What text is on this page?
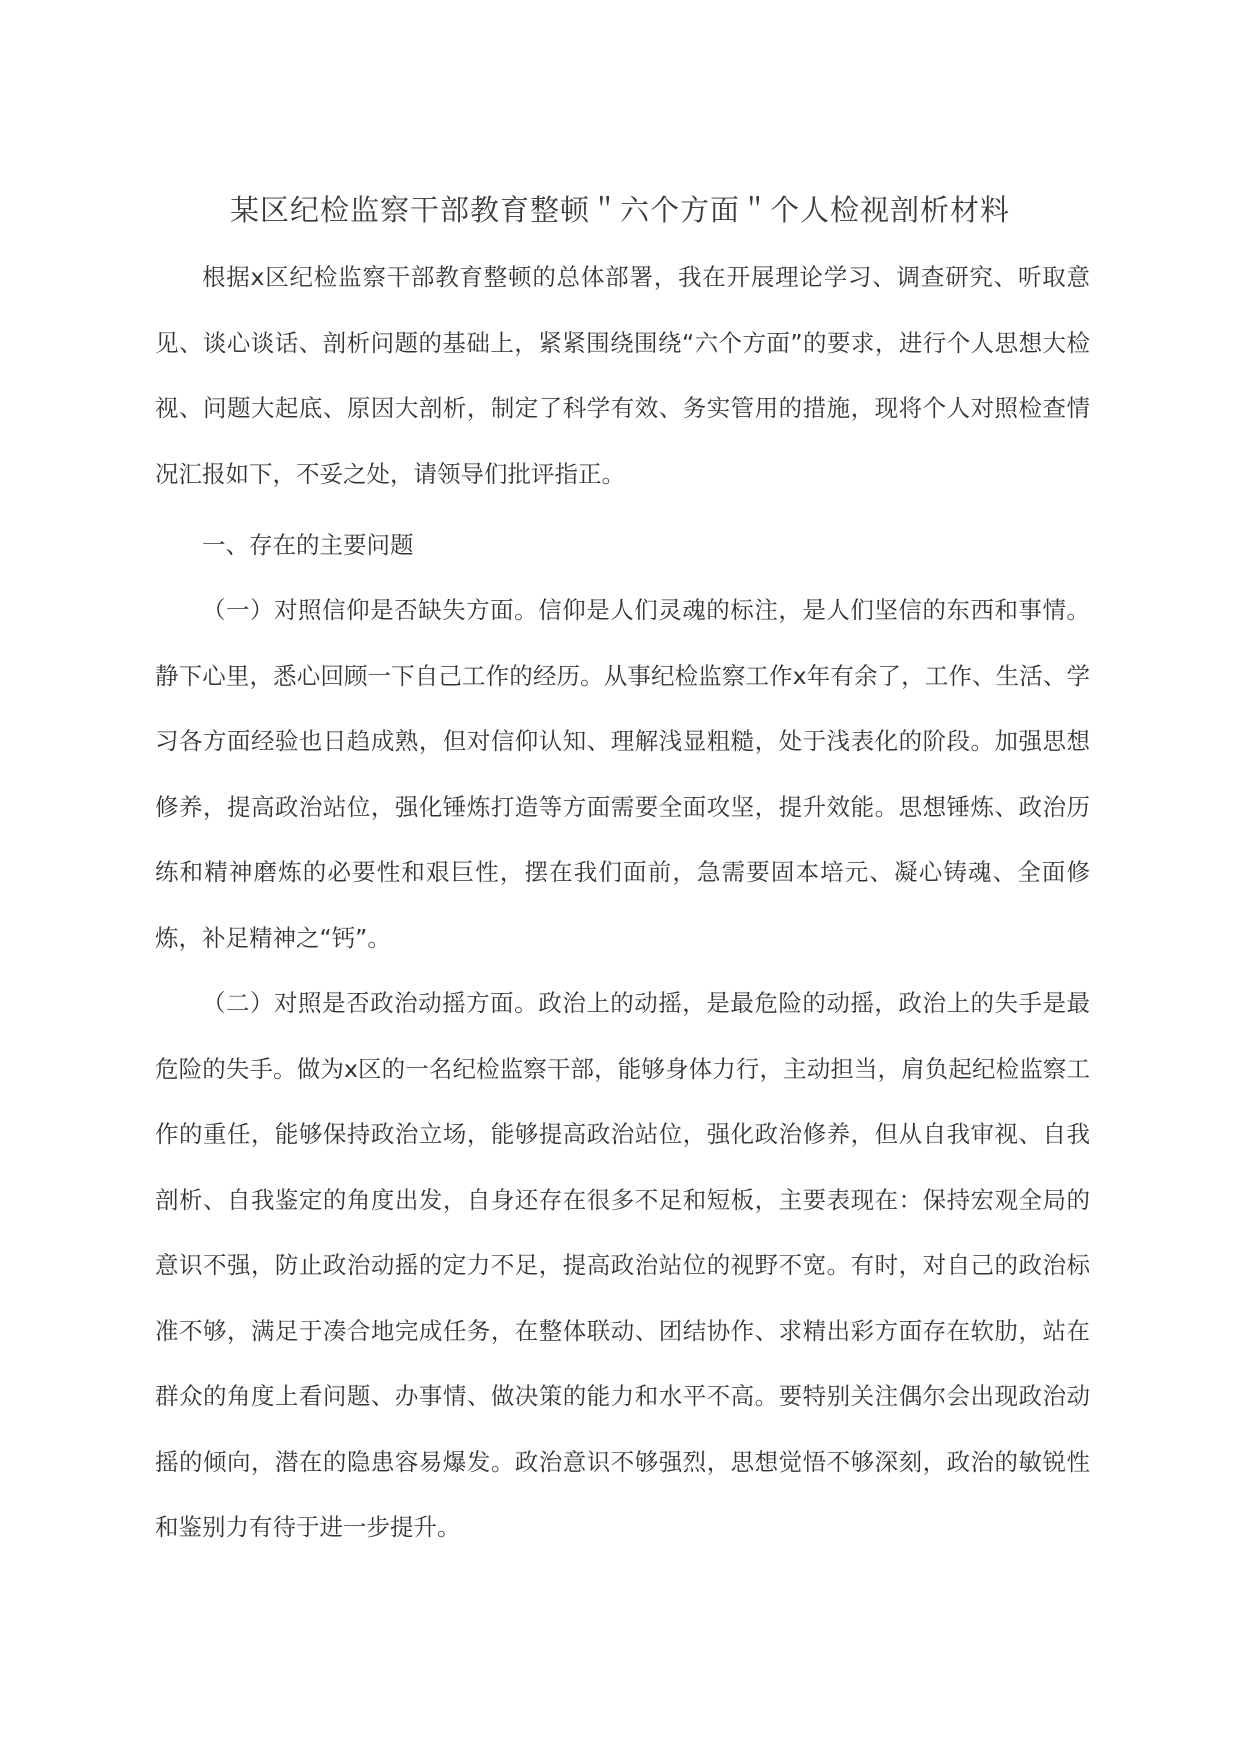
某区纪检监察干部教育整顿＂六个方面＂个人检视剖析材料

根据x区纪检监察干部教育整顿的总体部署，我在开展理论学习、调查研究、听取意见、谈心谈话、剖析问题的基础上，紧紧围绕围绕“六个方面”的要求，进行个人思想大检视、问题大起底、原因大剖析，制定了科学有效、务实管用的措施，现将个人对照检查情况汇报如下，不妥之处，请领导们批评指正。

一、存在的主要问题

（一）对照信仰是否缺失方面。信仰是人们灵魂的标注，是人们坚信的东西和事情。静下心里，悉心回顾一下自己工作的经历。从事纪检监察工作x年有余了，工作、生活、学习各方面经验也日趋成熟，但对信仰认知、理解浅显粗糙，处于浅表化的阶段。加强思想修养，提高政治站位，强化锤炼打造等方面需要全面攻坚，提升效能。思想锤炼、政治历练和精神磨炼的必要性和艰巨性，摆在我们面前，急需要固本培元、凝心铸魂、全面修炼，补足精神之“钙”。

（二）对照是否政治动摇方面。政治上的动摇，是最危险的动摇，政治上的失手是最危险的失手。做为x区的一名纪检监察干部，能够身体力行，主动担当，肩负起纪检监察工作的重任，能够保持政治立场，能够提高政治站位，强化政治修养，但从自我审视、自我剖析、自我鉴定的角度出发，自身还存在很多不足和短板，主要表现在：保持宏观全局的意识不强，防止政治动摇的定力不足，提高政治站位的视野不宽。有时，对自己的政治标准不够，满足于凑合地完成任务，在整体联动、团结协作、求精出彩方面存在软肋，站在群众的角度上看问题、办事情、做决策的能力和水平不高。要特别关注偶尔会出现政治动摇的倾向，潜在的隐患容易爆发。政治意识不够强烈，思想觉悟不够深刻，政治的敏锐性和鉴别力有待于进一步提升。
